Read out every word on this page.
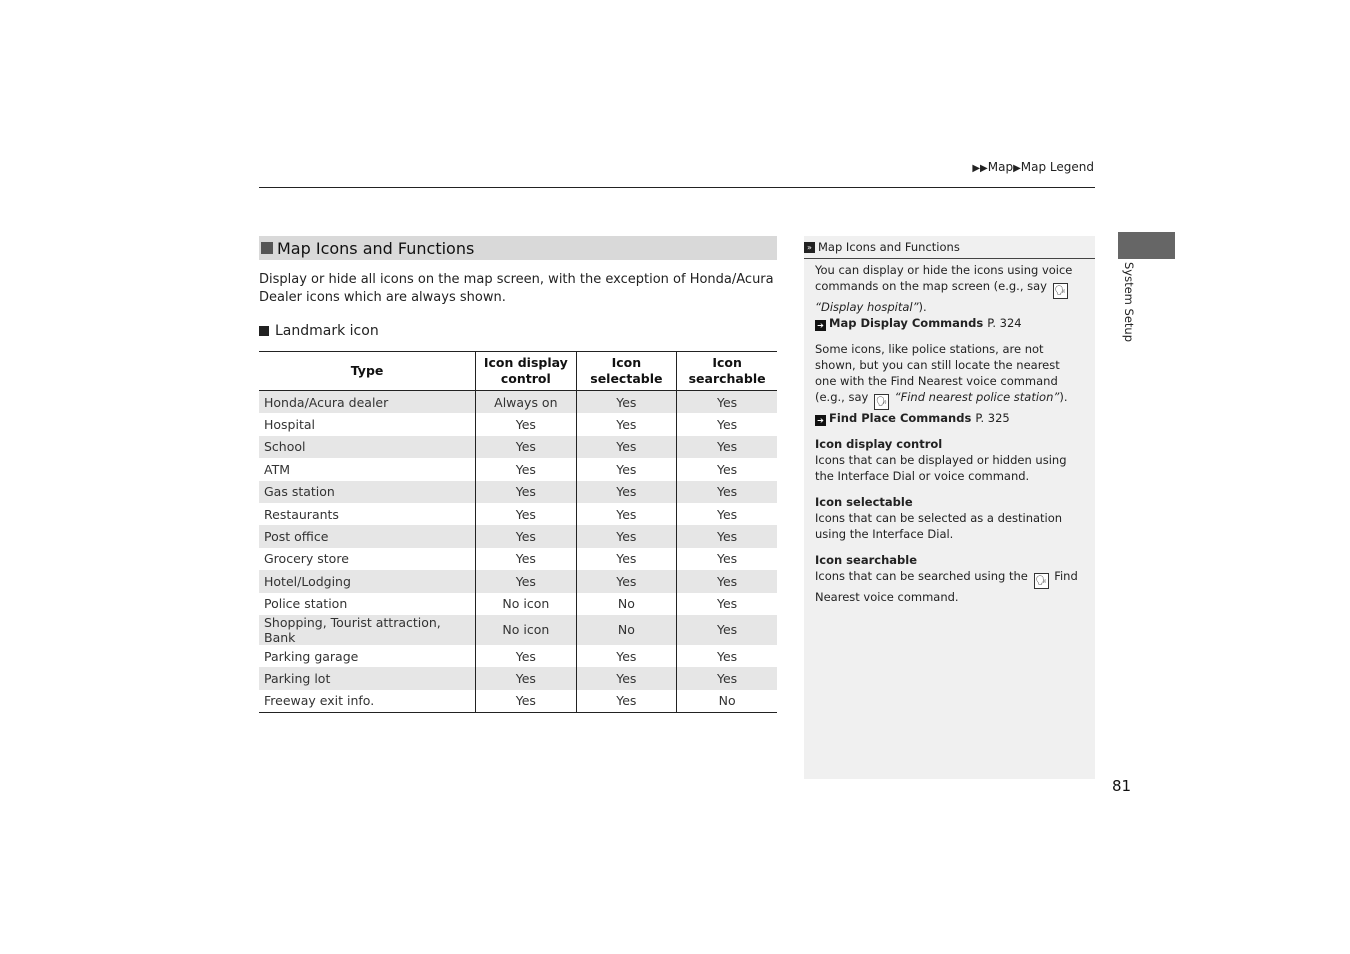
▶▶Map▶Map Legend
Map Icons and Functions
Display or hide all icons on the map screen, with the exception of Honda/Acura Dealer icons which are always shown.
Landmark icon
Type	Icon display control	Icon selectable	Icon searchable
Honda/Acura dealer	Always on	Yes	Yes
Hospital	Yes	Yes	Yes
School	Yes	Yes	Yes
ATM	Yes	Yes	Yes
Gas station	Yes	Yes	Yes
Restaurants	Yes	Yes	Yes
Post office	Yes	Yes	Yes
Grocery store	Yes	Yes	Yes
Hotel/Lodging	Yes	Yes	Yes
Police station	No icon	No	Yes
Shopping, Tourist attraction, Bank	No icon	No	Yes
Parking garage	Yes	Yes	Yes
Parking lot	Yes	Yes	Yes
Freeway exit info.	Yes	Yes	No
» Map Icons and Functions

You can display or hide the icons using voice commands on the map screen (e.g., say 🗣
“Display hospital”).
➔ Map Display Commands P. 324

Some icons, like police stations, are not shown, but you can still locate the nearest one with the Find Nearest voice command (e.g., say 🗣 “Find nearest police station”).
➔ Find Place Commands P. 325

Icon display control
Icons that can be displayed or hidden using the Interface Dial or voice command.

Icon selectable
Icons that can be selected as a destination using the Interface Dial.

Icon searchable
Icons that can be searched using the 🗣 Find Nearest voice command.

System Setup
81
